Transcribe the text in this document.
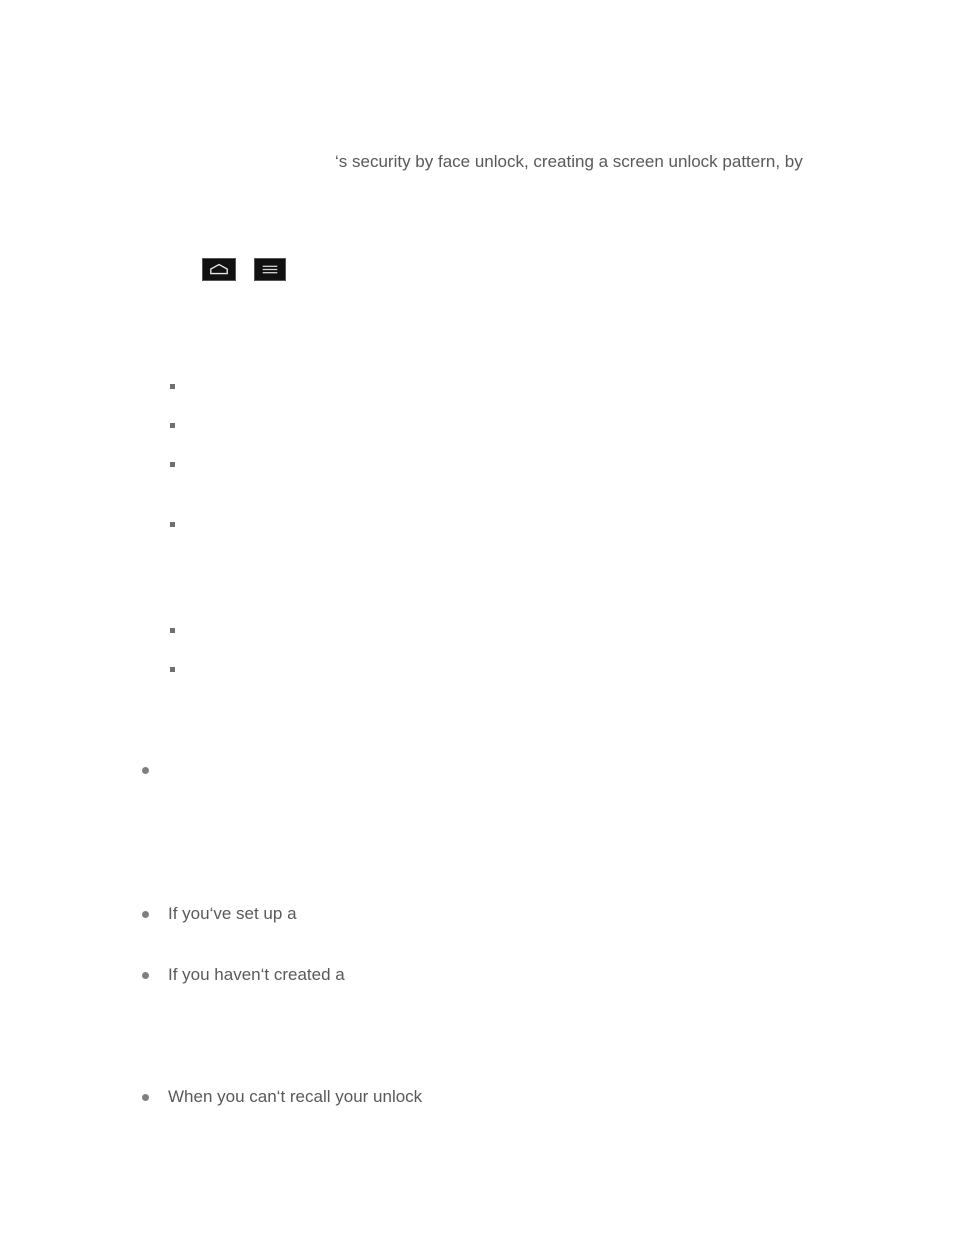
‘s security by face unlock, creating a screen unlock pattern, by
If you‘ve set up a
If you haven‘t created a
When you can‘t recall your unlock
